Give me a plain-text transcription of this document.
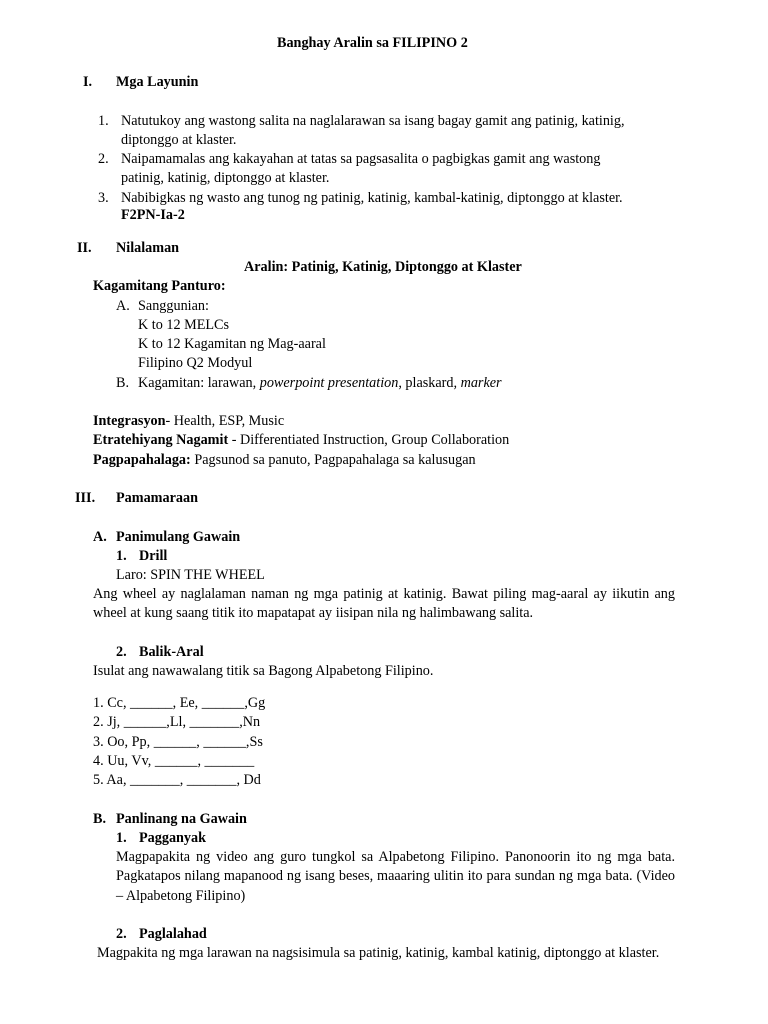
Banghay Aralin sa FILIPINO 2
I. Mga Layunin
1. Natutukoy ang wastong salita na naglalarawan sa isang bagay gamit ang patinig, katinig,
diptonggo at klaster.
2. Naipamamalas ang kakayahan at tatas sa pagsasalita o pagbigkas gamit ang wastong
patinig, katinig, diptonggo at klaster.
3. Nabibigkas ng wasto ang tunog ng patinig, katinig, kambal-katinig, diptonggo at klaster.
F2PN-Ia-2
II. Nilalaman
Aralin: Patinig, Katinig, Diptonggo at Klaster
Kagamitang Panturo:
A. Sanggunian:
K to 12 MELCs
K to 12 Kagamitan ng Mag-aaral
Filipino Q2 Modyul
B. Kagamitan: larawan, powerpoint presentation, plaskard, marker
Integrasyon- Health, ESP, Music
Etratehiyang Nagamit - Differentiated Instruction, Group Collaboration
Pagpapahalaga: Pagsunod sa panuto, Pagpapahalaga sa kalusugan
III. Pamamaraan
A. Panimulang Gawain
1. Drill
Laro: SPIN THE WHEEL
Ang wheel ay naglalaman naman ng mga patinig at katinig. Bawat piling mag-aaral ay iikutin ang wheel at kung saang titik ito mapatapat ay iisipan nila ng halimbawang salita.
2. Balik-Aral
Isulat ang nawawalang titik sa Bagong Alpabetong Filipino.
1. Cc, ______, Ee, ______,Gg
2. Jj, ______,Ll, _______,Nn
3. Oo, Pp, ______, ______,Ss
4. Uu, Vv, ______, _______
5. Aa, _______, _______, Dd
B. Panlinang na Gawain
1. Pagganyak
Magpapakita ng video ang guro tungkol sa Alpabetong Filipino. Panonoorin ito ng mga bata. Pagkatapos nilang mapanood ng isang beses, maaaring ulitin ito para sundan ng mga bata. (Video – Alpabetong Filipino)
2. Paglalahad
Magpakita ng mga larawan na nagsisimula sa patinig, katinig, kambal katinig, diptonggo at klaster.
